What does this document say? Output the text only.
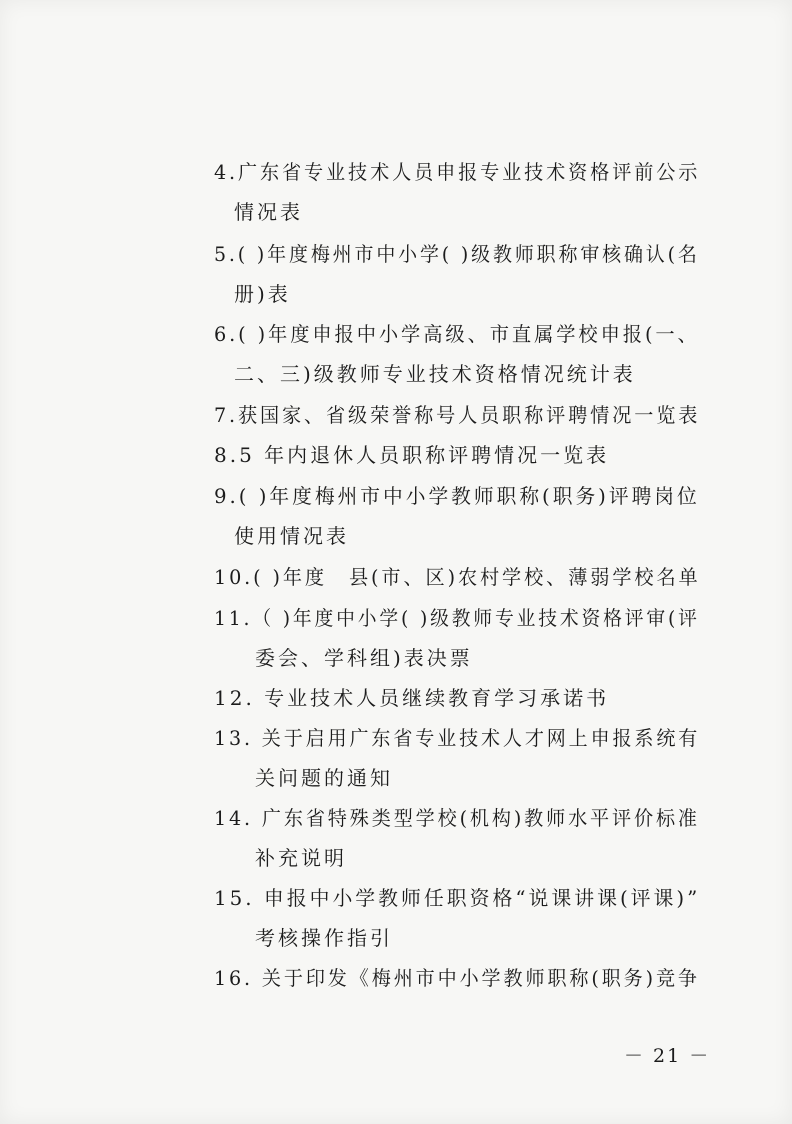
4.广东省专业技术人员申报专业技术资格评前公示
情况表
5.( )年度梅州市中小学( )级教师职称审核确认(名
册)表
6.( )年度申报中小学高级、市直属学校申报(一、
二、三)级教师专业技术资格情况统计表
7.获国家、省级荣誉称号人员职称评聘情况一览表
8.5 年内退休人员职称评聘情况一览表
9.( )年度梅州市中小学教师职称(职务)评聘岗位
使用情况表
10.( )年度　县(市、区)农村学校、薄弱学校名单
11.（ )年度中小学( )级教师专业技术资格评审(评
委会、学科组)表决票
12. 专业技术人员继续教育学习承诺书
13. 关于启用广东省专业技术人才网上申报系统有
关问题的通知
14. 广东省特殊类型学校(机构)教师水平评价标准
补充说明
15. 申报中小学教师任职资格“说课讲课(评课)”
考核操作指引
16. 关于印发《梅州市中小学教师职称(职务)竞争
－ 21 －
